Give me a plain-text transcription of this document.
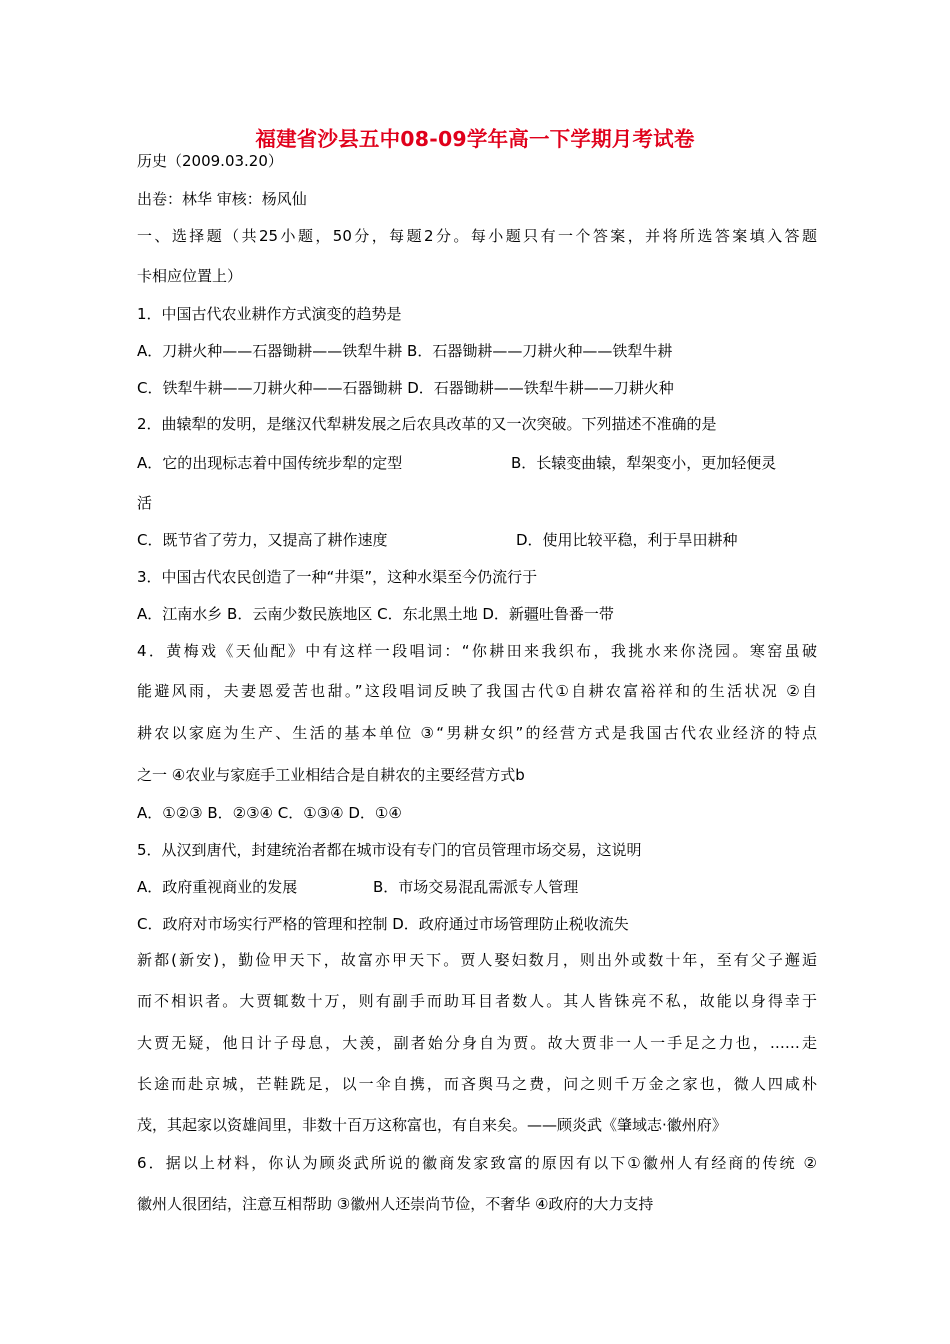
福建省沙县五中08-09学年高一下学期月考试卷
历史（2009.03.20）
出卷：林华 审核：杨风仙
一、选择题（共25小题，50分，每题2分。每小题只有一个答案，并将所选答案填入答题
卡相应位置上）
1．中国古代农业耕作方式演变的趋势是
A．刀耕火种——石器锄耕——铁犁牛耕 B．石器锄耕——刀耕火种——铁犁牛耕
C．铁犁牛耕——刀耕火种——石器锄耕 D．石器锄耕——铁犁牛耕——刀耕火种
2．曲辕犁的发明，是继汉代犁耕发展之后农具改革的又一次突破。下列描述不准确的是
A．它的出现标志着中国传统步犁的定型	B．长辕变曲辕，犁架变小，更加轻便灵
活
C．既节省了劳力，又提高了耕作速度	D．使用比较平稳，利于旱田耕种
3．中国古代农民创造了一种“井渠”，这种水渠至今仍流行于
A．江南水乡 B．云南少数民族地区 C．东北黑土地 D．新疆吐鲁番一带
4．黄梅戏《天仙配》中有这样一段唱词：“你耕田来我织布，我挑水来你浇园。寒窑虽破
能避风雨，夫妻恩爱苦也甜。”这段唱词反映了我国古代①自耕农富裕祥和的生活状况 ②自
耕农以家庭为生产、生活的基本单位 ③“男耕女织”的经营方式是我国古代农业经济的特点
之一 ④农业与家庭手工业相结合是自耕农的主要经营方式b
A．①②③ B．②③④ C．①③④ D．①④
5．从汉到唐代，封建统治者都在城市设有专门的官员管理市场交易，这说明
A．政府重视商业的发展	B．市场交易混乱需派专人管理
C．政府对市场实行严格的管理和控制 D．政府通过市场管理防止税收流失
新都(新安)，勤俭甲天下，故富亦甲天下。贾人娶妇数月，则出外或数十年，至有父子邂逅
而不相识者。大贾辄数十万，则有副手而助耳目者数人。其人皆铢亮不私，故能以身得幸于
大贾无疑，他日计子母息，大羡，副者始分身自为贾。故大贾非一人一手足之力也，……走
长途而赴京城，芒鞋跣足，以一伞自携，而吝舆马之费，问之则千万金之家也，微人四咸朴
茂，其起家以资雄闾里，非数十百万这称富也，有自来矣。——顾炎武《肇域志·徽州府》
6．据以上材料，你认为顾炎武所说的徽商发家致富的原因有以下①徽州人有经商的传统 ②
徽州人很团结，注意互相帮助 ③徽州人还崇尚节俭，不奢华 ④政府的大力支持
